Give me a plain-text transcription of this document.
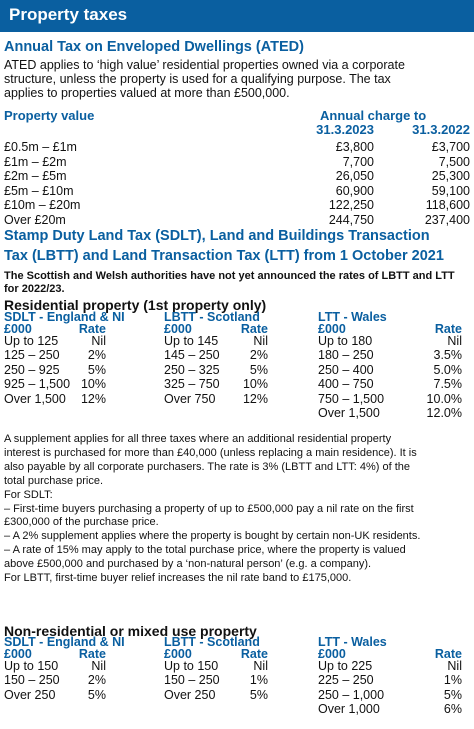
Property taxes
Annual Tax on Enveloped Dwellings (ATED)
ATED applies to ‘high value’ residential properties owned via a corporate
structure, unless the property is used for a qualifying purpose. The tax
applies to properties valued at more than £500,000.
Property value	Annual charge to
31.3.2023	31.3.2022
£0.5m – £1m	£3,800	£3,700
£1m – £2m	7,700	7,500
£2m – £5m	26,050	25,300
£5m – £10m	60,900	59,100
£10m – £20m	122,250	118,600
Over £20m	244,750	237,400
Stamp Duty Land Tax (SDLT), Land and Buildings Transaction
Tax (LBTT) and Land Transaction Tax (LTT) from 1 October 2021
The Scottish and Welsh authorities have not yet announced the rates of LBTT and LTT
for 2022/23.
Residential property (1st property only)
SDLT - England & NI
£000	Rate
Up to 125	Nil
125 – 250	2%
250 – 925	5%
925 – 1,500 10%
Over 1,500	12%
LBTT - Scotland
£000	Rate
Up to 145	Nil
145 – 250	2%
250 – 325	5%
325 – 750	10%
Over 750	12%
LTT - Wales
£000	Rate
Up to 180	Nil
180 – 250	3.5%
250 – 400	5.0%
400 – 750	7.5%
750 – 1,500	10.0%
Over 1,500	12.0%
A supplement applies for all three taxes where an additional residential property
interest is purchased for more than £40,000 (unless replacing a main residence). It is
also payable by all corporate purchasers. The rate is 3% (LBTT and LTT: 4%) of the
total purchase price.
For SDLT:
– First-time buyers purchasing a property of up to £500,000 pay a nil rate on the first
£300,000 of the purchase price.
– A 2% supplement applies where the property is bought by certain non-UK residents.
– A rate of 15% may apply to the total purchase price, where the property is valued
above £500,000 and purchased by a ‘non-natural person’ (e.g. a company).
For LBTT, first-time buyer relief increases the nil rate band to £175,000.
Non-residential or mixed use property
SDLT - England & NI
£000	Rate
Up to 150	Nil
150 – 250	2%
Over 250	5%
LBTT - Scotland
£000	Rate
Up to 150	Nil
150 – 250	1%
Over 250	5%
LTT - Wales
£000	Rate
Up to 225	Nil
225 – 250	1%
250 – 1,000	5%
Over 1,000	6%
